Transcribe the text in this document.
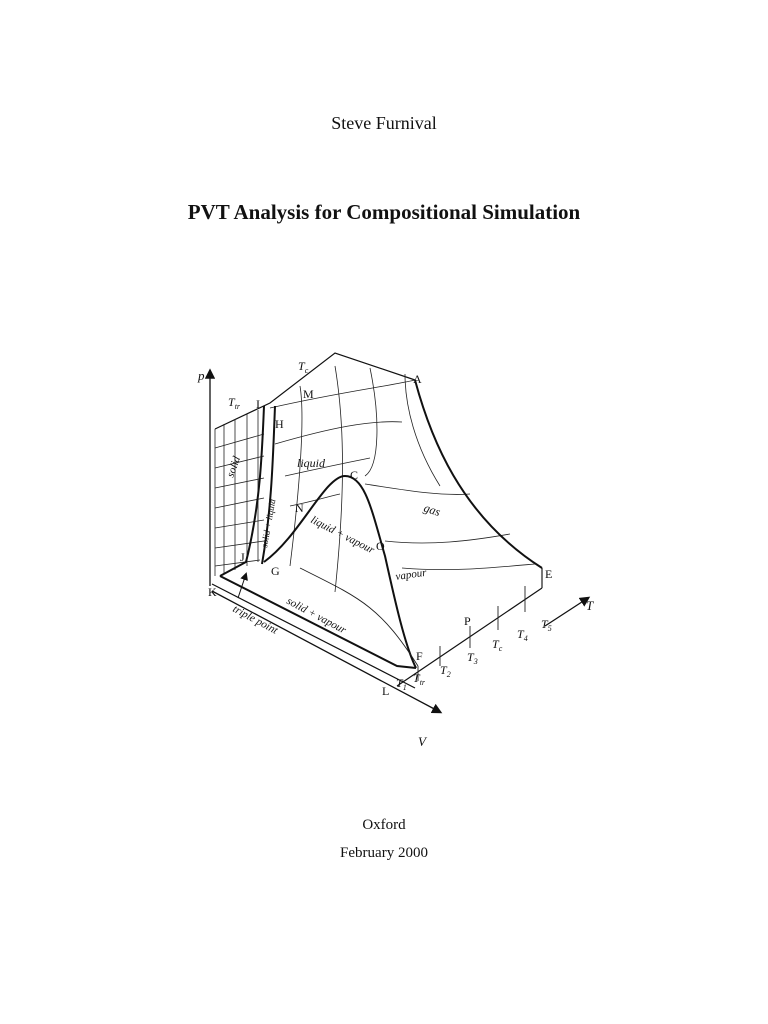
Steve Furnival
PVT Analysis for Compositional Simulation
p
T
V
A
C
E
F
G
H
I
J
K
L
M
N
O
P
solid	liquid
gas
vapour
liquid + vapour
solid + liquid
solid + vapour
triple point
$T_c$
$T_{tr}$
$T_1$
$T_{tr}$
$T_2$
$T_3$
$T_c$
$T_4$
$T_5$
Oxford
February 2000
